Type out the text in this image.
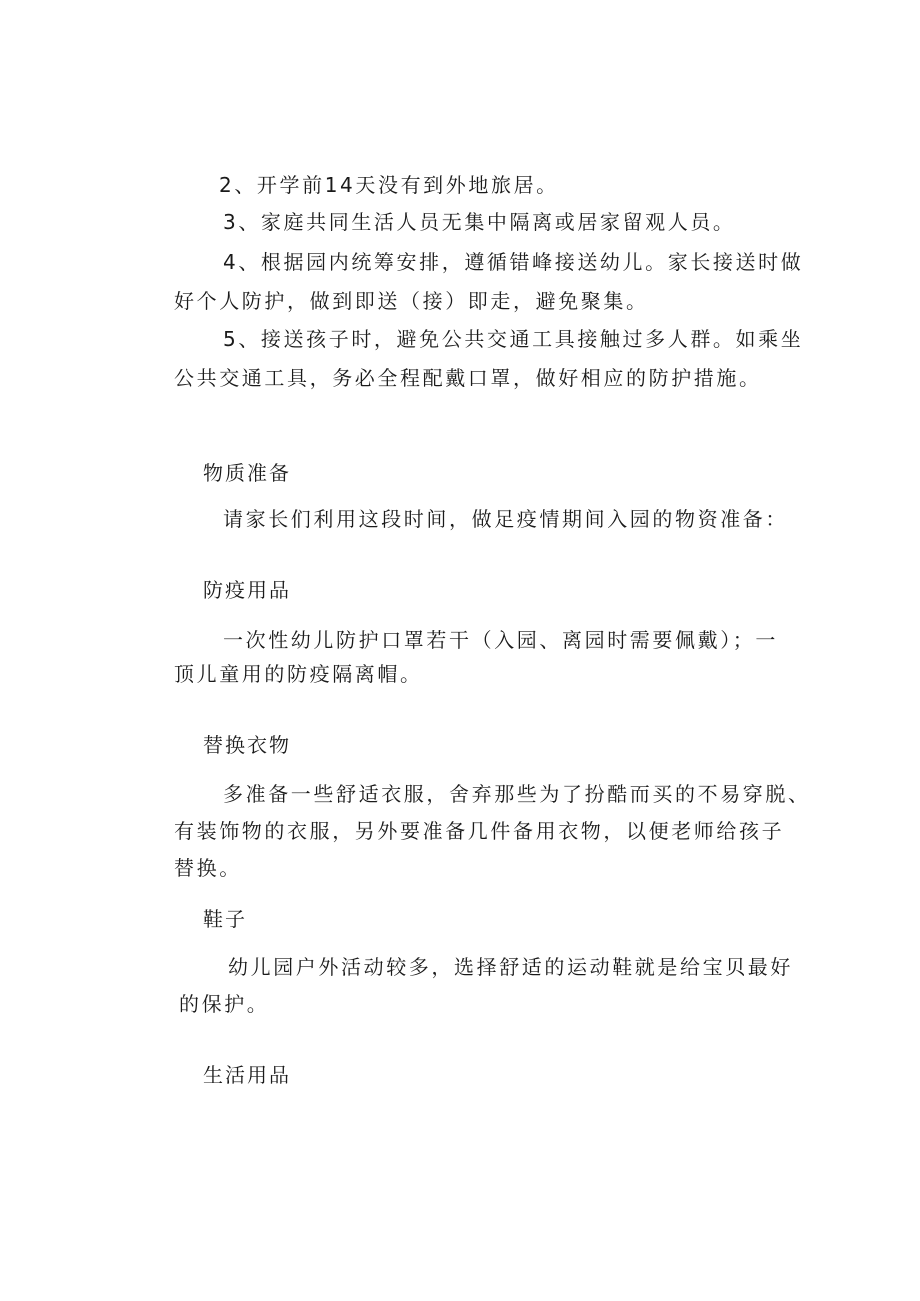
2、开学前14天没有到外地旅居。
3、家庭共同生活人员无集中隔离或居家留观人员。
4、根据园内统筹安排，遵循错峰接送幼儿。家长接送时做
好个人防护，做到即送（接）即走，避免聚集。
5、接送孩子时，避免公共交通工具接触过多人群。如乘坐
公共交通工具，务必全程配戴口罩，做好相应的防护措施。
物质准备
请家长们利用这段时间，做足疫情期间入园的物资准备：
防疫用品
一次性幼儿防护口罩若干（入园、离园时需要佩戴）；一
顶儿童用的防疫隔离帽。
替换衣物
多准备一些舒适衣服，舍弃那些为了扮酷而买的不易穿脱、
有装饰物的衣服，另外要准备几件备用衣物，以便老师给孩子
替换。
鞋子
幼儿园户外活动较多，选择舒适的运动鞋就是给宝贝最好
的保护。
生活用品
